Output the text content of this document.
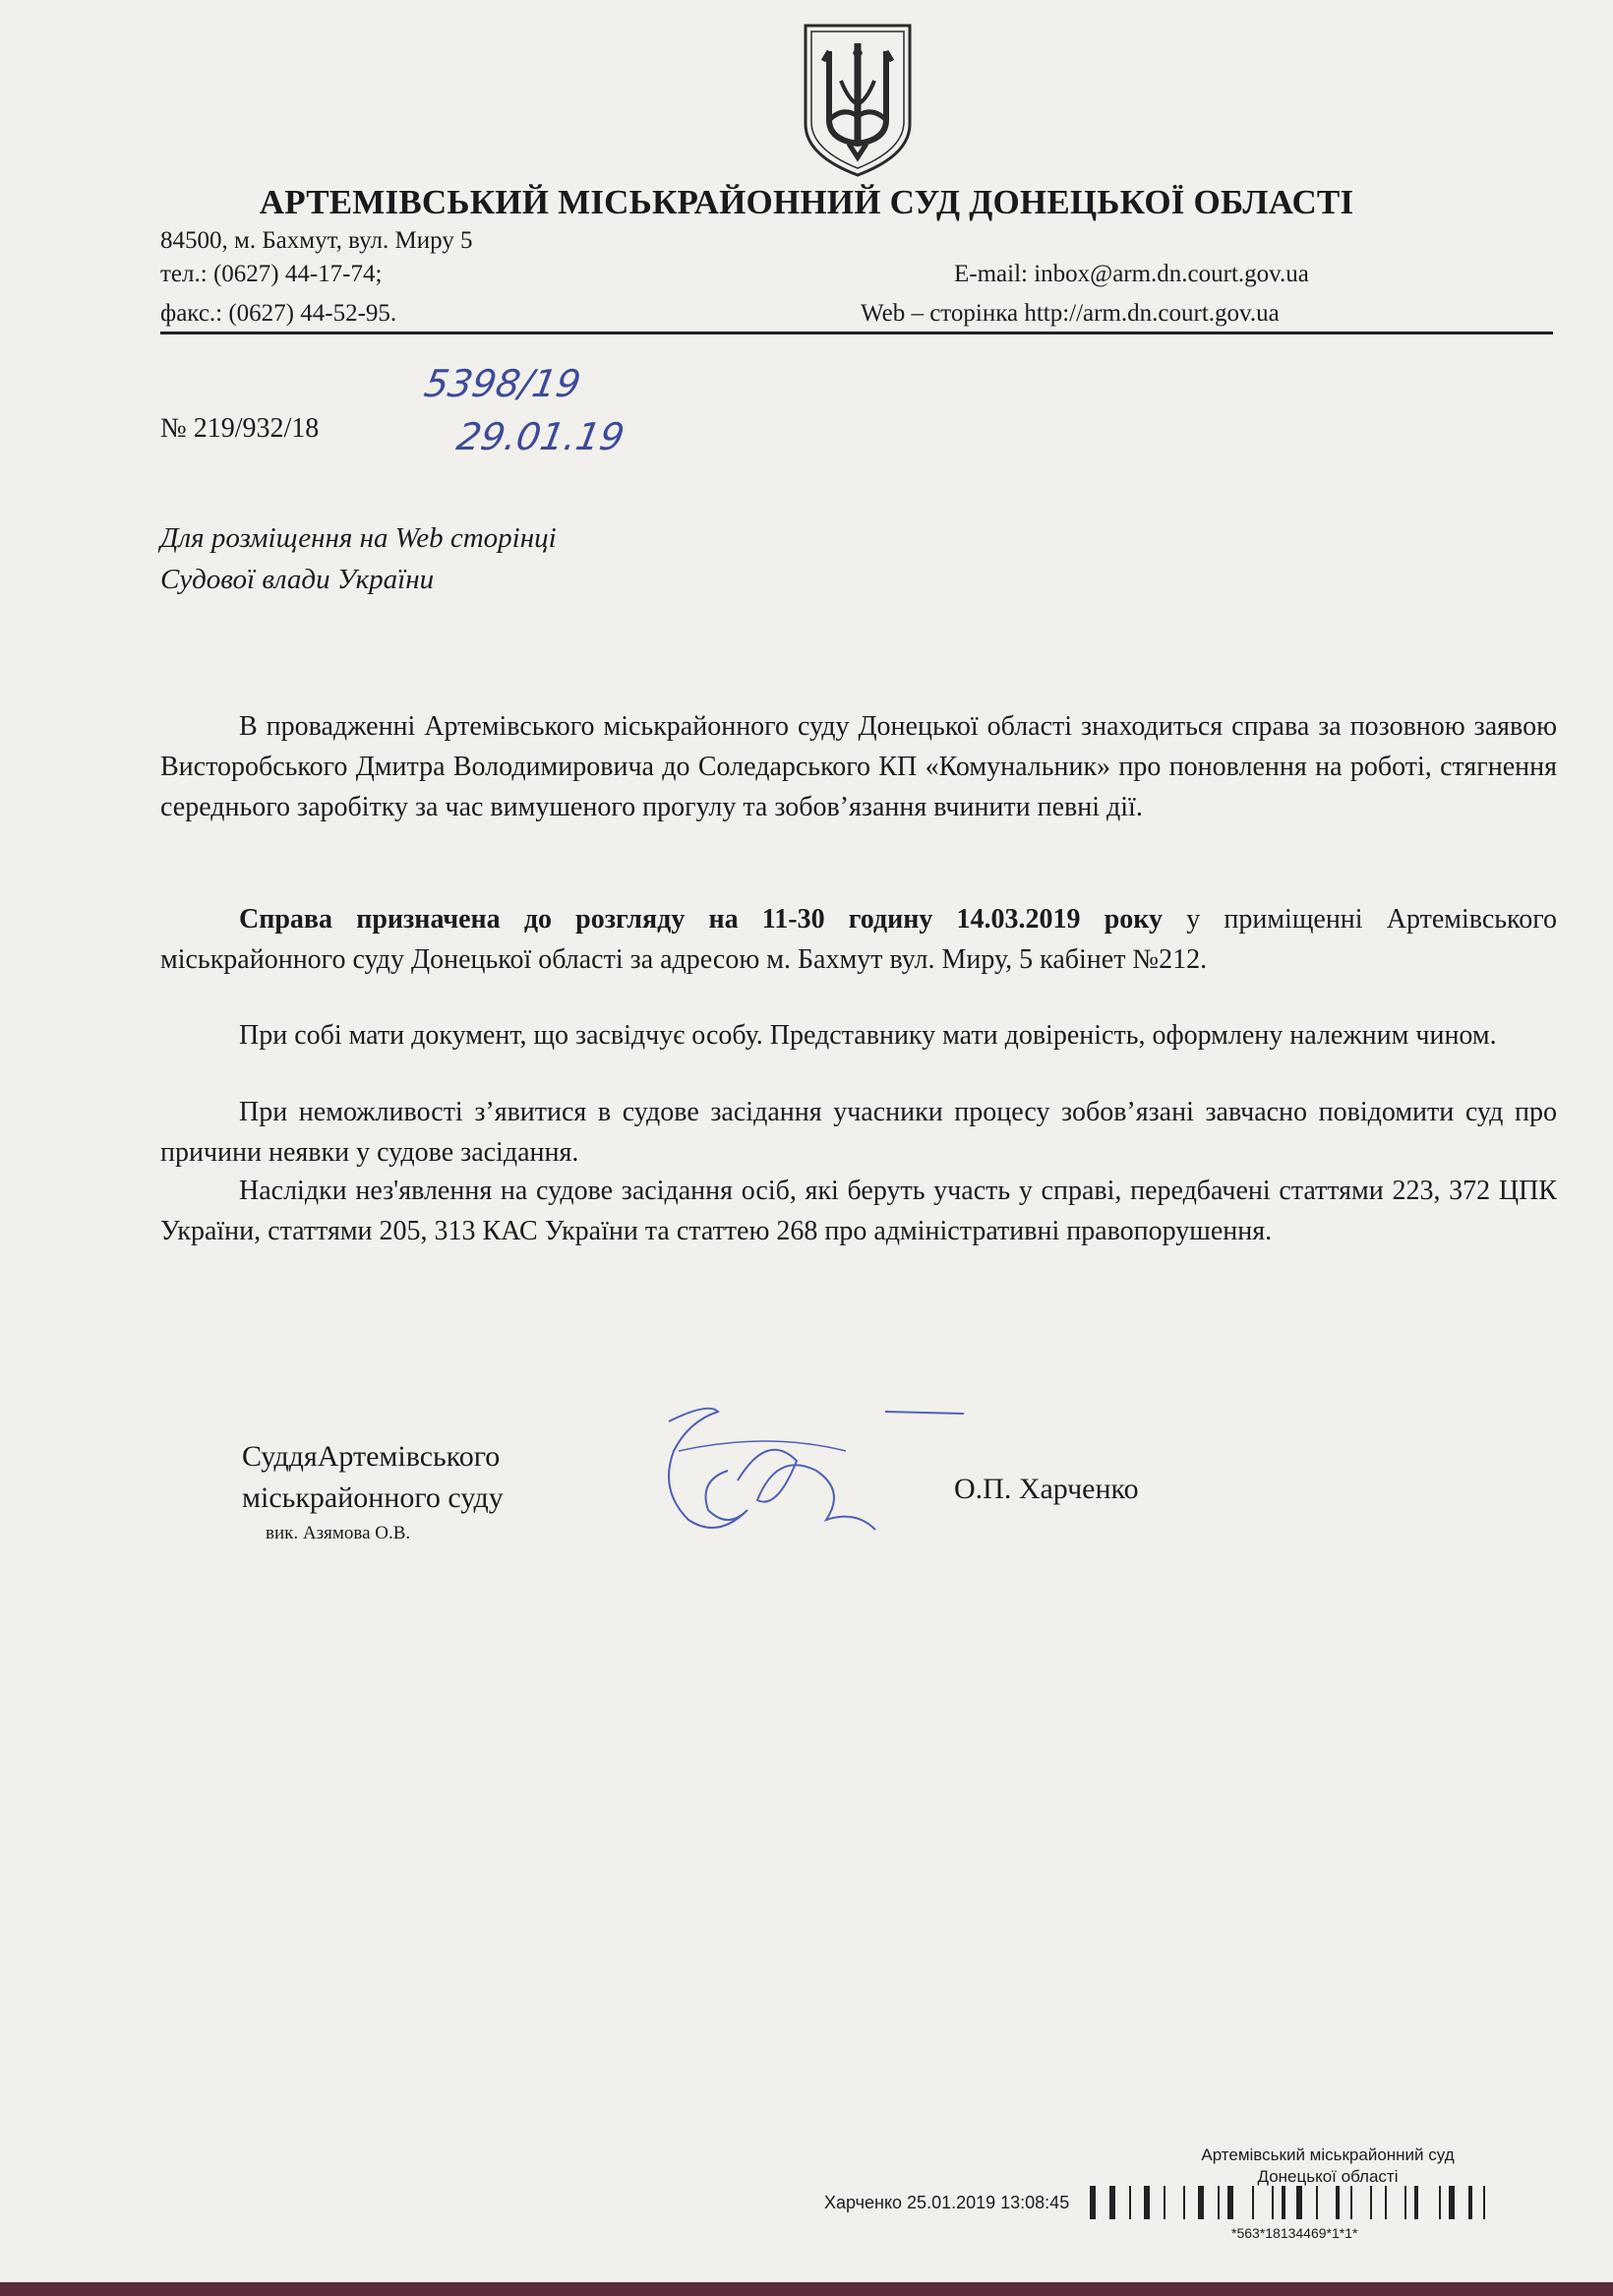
АРТЕМІВСЬКИЙ МІСЬКРАЙОННИЙ СУД ДОНЕЦЬКОЇ ОБЛАСТІ
84500, м. Бахмут, вул. Миру 5
тел.: (0627) 44-17-74;
факс.: (0627) 44-52-95.
E-mail: inbox@arm.dn.court.gov.ua
Web – сторінка http://arm.dn.court.gov.ua
№ 219/932/18
5398/19
29.01.19
Для розміщення на Web сторінці
Судової влади України

В провадженні Артемівського міськрайонного суду Донецької області знаходиться справа за позовною заявою Висторобського Дмитра Володимировича до Соледарського КП «Комунальник» про поновлення на роботі, стягнення середнього заробітку за час вимушеного прогулу та зобов’язання вчинити певні дії.

Справа призначена до розгляду на 11-30 годину 14.03.2019 року у приміщенні Артемівського міськрайонного суду Донецької області за адресою м. Бахмут вул. Миру, 5 кабінет №212.

При собі мати документ, що засвідчує особу. Представнику мати довіреність, оформлену належним чином.

При неможливості з’явитися в судове засідання учасники процесу зобов’язані завчасно повідомити суд про причини неявки у судове засідання.

Наслідки нез'явлення на судове засідання осіб, які беруть участь у справі, передбачені статтями 223, 372 ЦПК України, статтями 205, 313 КАС України та статтею 268 про адміністративні правопорушення.

СуддяАртемівського
міськрайонного суду
вик. Азямова О.В.
О.П. Харченко
Артемівський міськрайонний суд
Донецької області
Харченко 25.01.2019 13:08:45
*563*18134469*1*1*
